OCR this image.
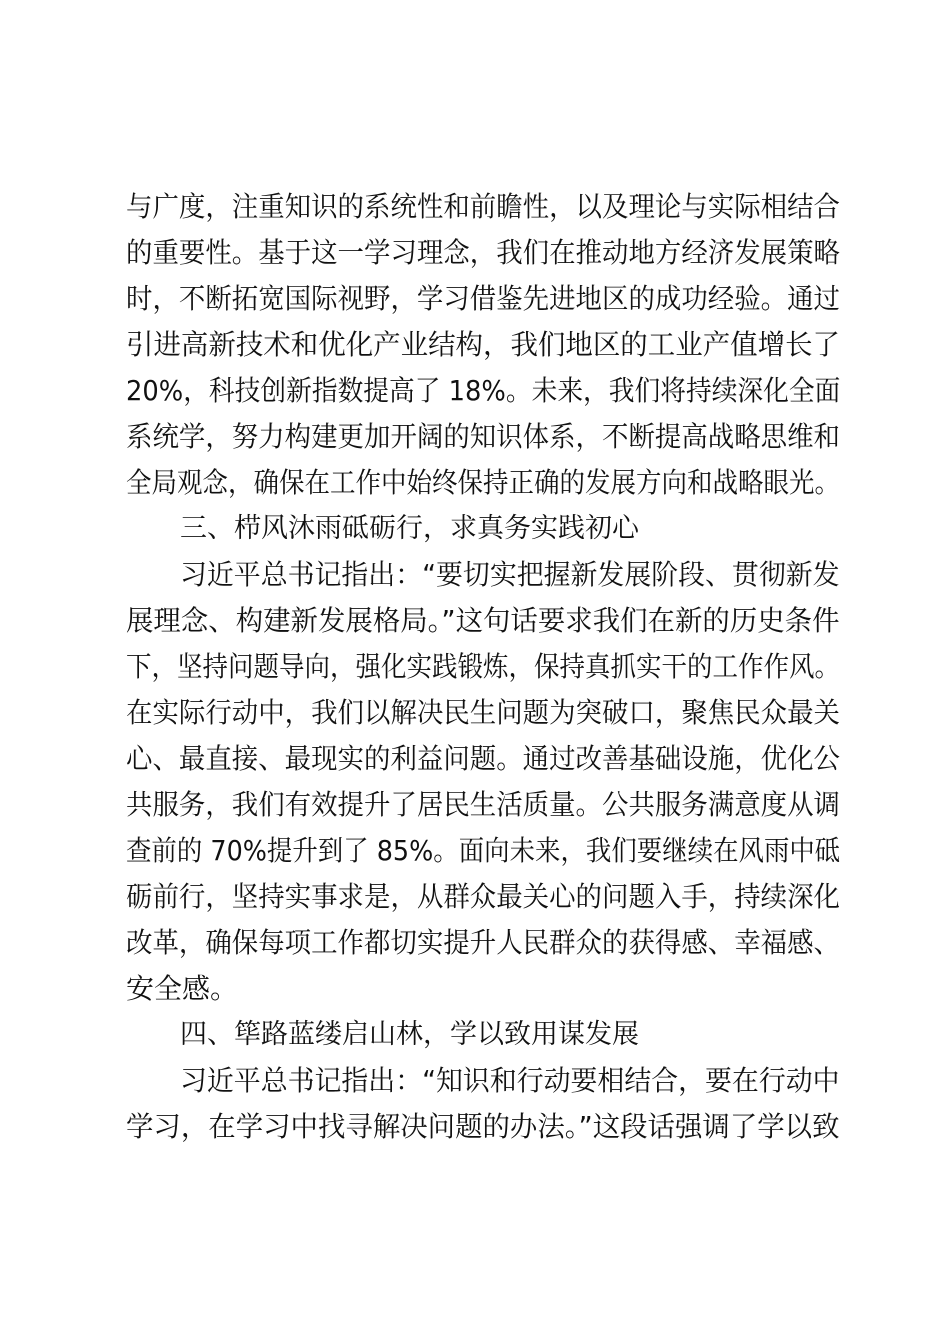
与广度，注重知识的系统性和前瞻性，以及理论与实际相结合
的重要性。基于这一学习理念，我们在推动地方经济发展策略
时，不断拓宽国际视野，学习借鉴先进地区的成功经验。通过
引进高新技术和优化产业结构，我们地区的工业产值增长了
20%，科技创新指数提高了 18%。未来，我们将持续深化全面
系统学，努力构建更加开阔的知识体系，不断提高战略思维和
全局观念，确保在工作中始终保持正确的发展方向和战略眼光。
三、栉风沐雨砥砺行，求真务实践初心
习近平总书记指出：“要切实把握新发展阶段、贯彻新发
展理念、构建新发展格局。”这句话要求我们在新的历史条件
下，坚持问题导向，强化实践锻炼，保持真抓实干的工作作风。
在实际行动中，我们以解决民生问题为突破口，聚焦民众最关
心、最直接、最现实的利益问题。通过改善基础设施，优化公
共服务，我们有效提升了居民生活质量。公共服务满意度从调
查前的 70%提升到了 85%。面向未来，我们要继续在风雨中砥
砺前行，坚持实事求是，从群众最关心的问题入手，持续深化
改革，确保每项工作都切实提升人民群众的获得感、幸福感、
安全感。
四、筚路蓝缕启山林，学以致用谋发展
习近平总书记指出：“知识和行动要相结合，要在行动中
学习，在学习中找寻解决问题的办法。”这段话强调了学以致
